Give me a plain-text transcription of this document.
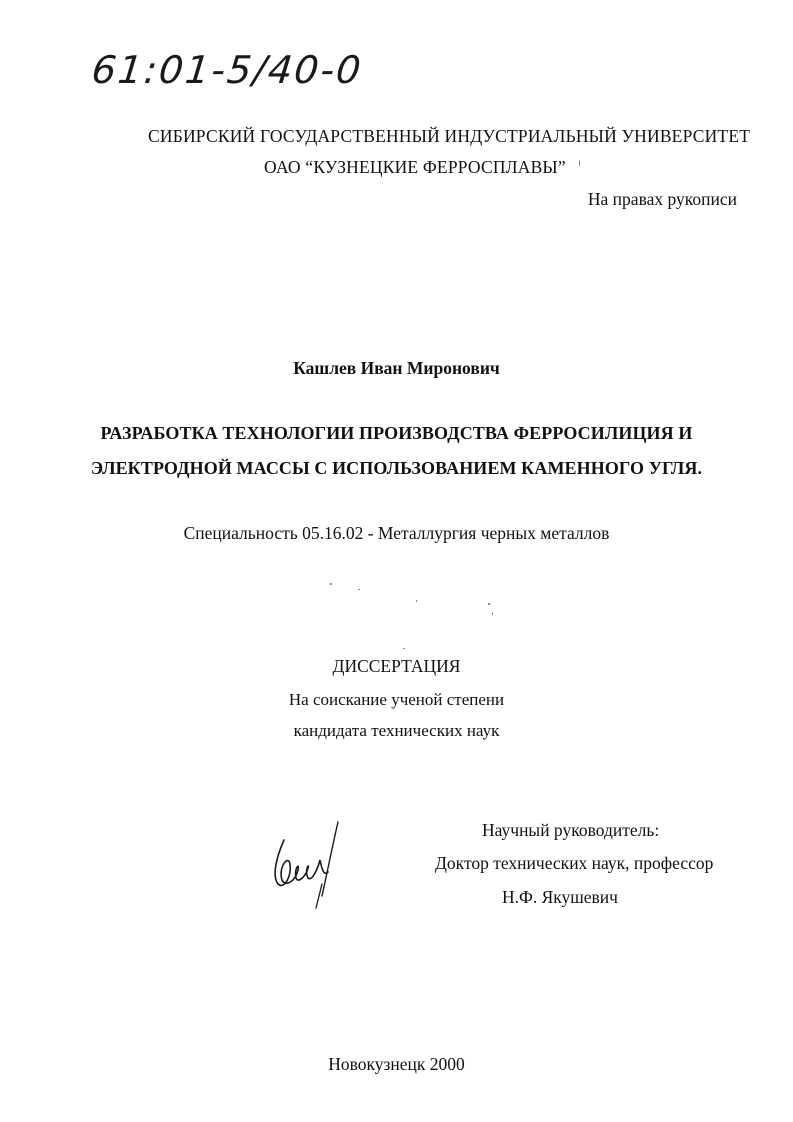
61:01-5/40-0
СИБИРСКИЙ ГОСУДАРСТВЕННЫЙ ИНДУСТРИАЛЬНЫЙ УНИВЕРСИТЕТ
ОАО “КУЗНЕЦКИЕ ФЕРРОСПЛАВЫ”
На правах рукописи
Кашлев Иван Миронович
РАЗРАБОТКА ТЕХНОЛОГИИ ПРОИЗВОДСТВА ФЕРРОСИЛИЦИЯ И
ЭЛЕКТРОДНОЙ МАССЫ С ИСПОЛЬЗОВАНИЕМ КАМЕННОГО УГЛЯ.
Специальность 05.16.02 - Металлургия черных металлов
ДИССЕРТАЦИЯ
На соискание ученой степени
кандидата технических наук
Научный руководитель:
Доктор технических наук, профессор
Н.Ф. Якушевич
Новокузнецк 2000
